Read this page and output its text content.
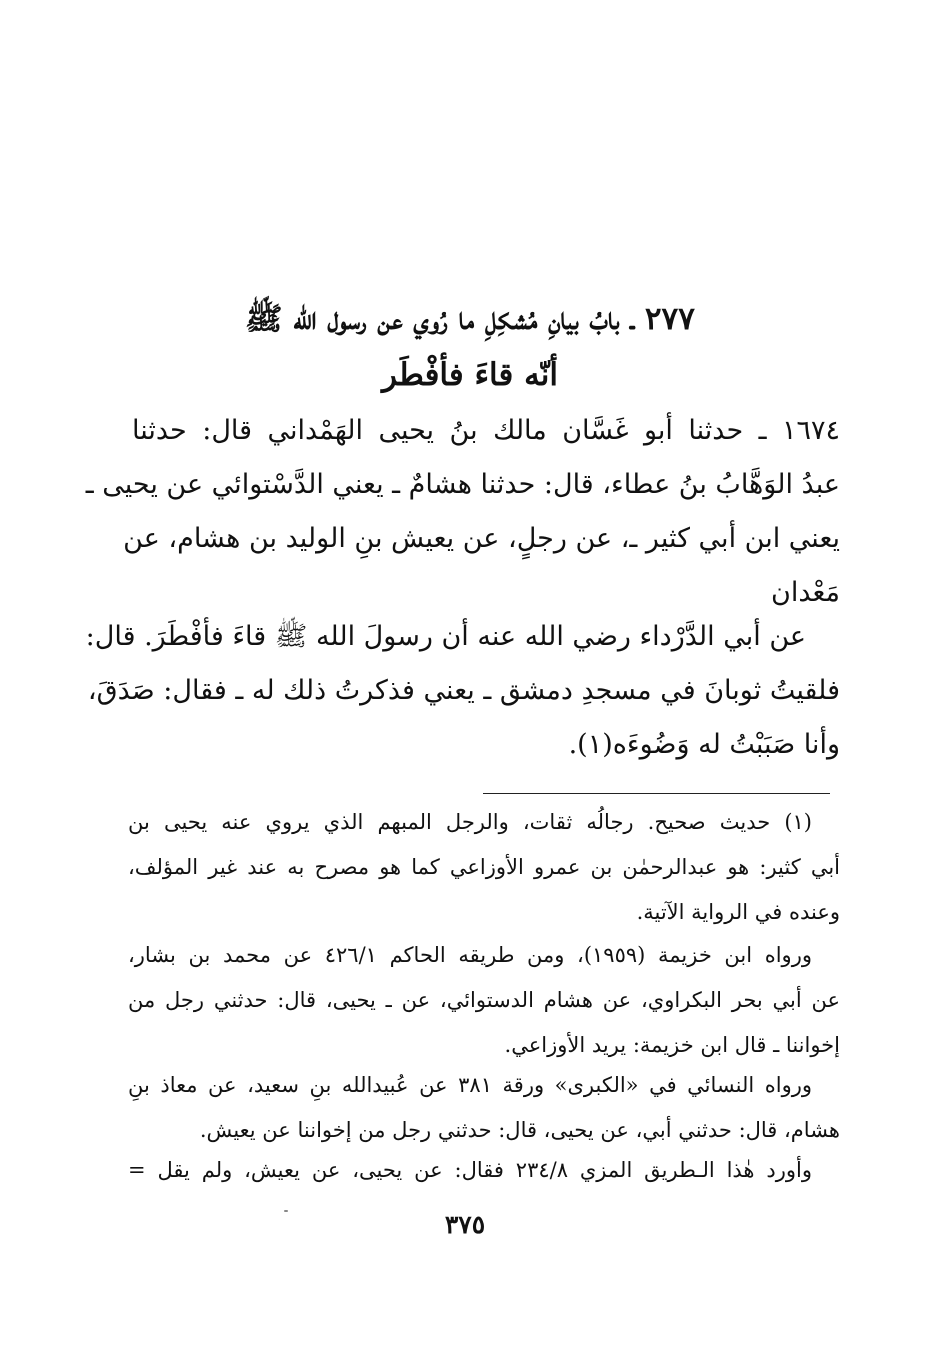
٢٧٧ ـ بابُ بيانِ مُشكِلِ ما رُوي عن رسول الله ﷺ
أنّه قاءَ فأفْطَر
١٦٧٤ ـ حدثنا أبو غَسَّان مالك بنُ يحيى الهَمْداني قال: حدثنا
عبدُ الوَهَّابُ بنُ عطاء، قال: حدثنا هشامٌ ـ يعني الدَّسْتوائي عن يحيى ـ
يعني ابن أبي كثير ـ، عن رجلٍ، عن يعيش بنِ الوليد بن هشام، عن
مَعْدان
عن أبي الدَّرْداء رضي الله عنه أن رسولَ الله ﷺ قاءَ فأفْطَرَ. قال:
فلقيتُ ثوبانَ في مسجدِ دمشق ـ يعني فذكرتُ ذلك له ـ فقال: صَدَقَ،
وأنا صَبَبْتُ له وَضُوءَه(١).
(١) حديث صحيح. رجالُه ثقات، والرجل المبهم الذي يروي عنه يحيى بن
أبي كثير: هو عبدالرحمٰن بن عمرو الأوزاعي كما هو مصرح به عند غير المؤلف،
وعنده في الرواية الآتية.
ورواه ابن خزيمة (١٩٥٩)، ومن طريقه الحاكم ٤٢٦/١ عن محمد بن بشار،
عن أبي بحر البكراوي، عن هشام الدستوائي، عن ـ يحيى، قال: حدثني رجل من
إخواننا ـ قال ابن خزيمة: يريد الأوزاعي.
ورواه النسائي في «الكبرى» ورقة ٣٨١ عن عُبيدالله بنِ سعيد، عن معاذ بنِ
هشام، قال: حدثني أبي، عن يحيى، قال: حدثني رجل من إخواننا عن يعيش.
وأورد هٰذا الـطريق المزي ٢٣٤/٨ فقال: عن يحيى، عن يعيش، ولم يقل =
٣٧٥
